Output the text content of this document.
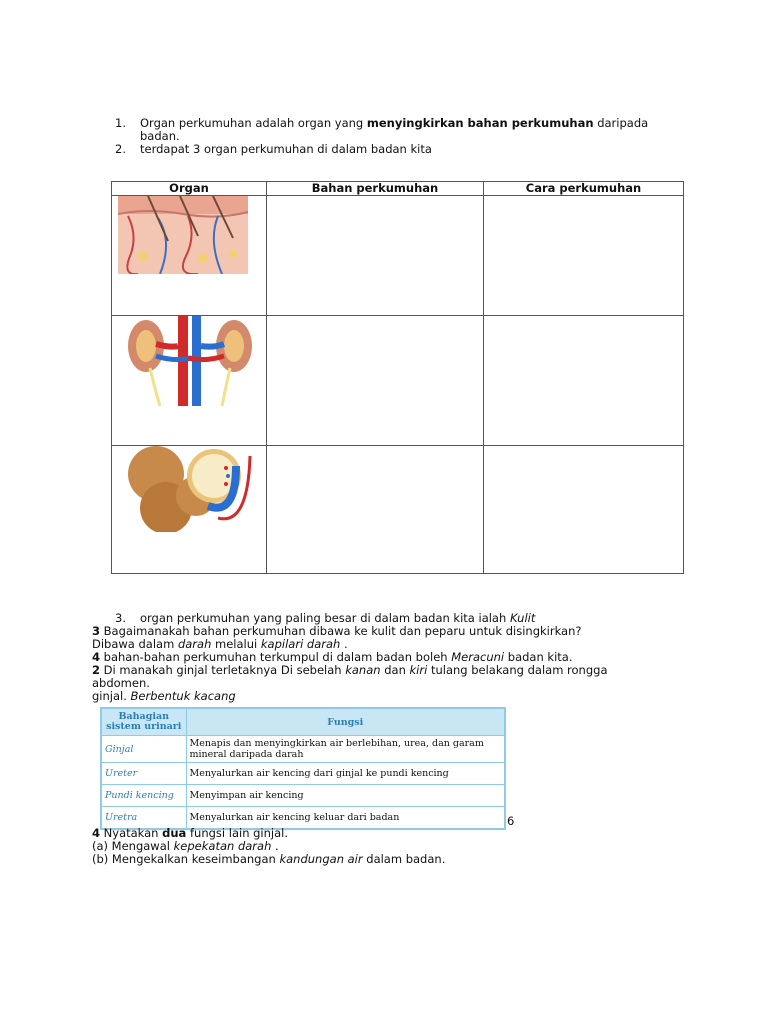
1. Organ perkumuhan adalah organ yang menyingkirkan bahan perkumuhan daripada
badan.
2. terdapat 3 organ perkumuhan di dalam badan kita
Organ	Bahan perkumuhan	Cara perkumuhan

3. organ perkumuhan yang paling besar di dalam badan kita ialah Kulit
3 Bagaimanakah bahan perkumuhan dibawa ke kulit dan peparu untuk disingkirkan?
Dibawa dalam darah melalui kapilari darah .
4 bahan-bahan perkumuhan terkumpul di dalam badan boleh Meracuni badan kita.
2 Di manakah ginjal terletaknya Di sebelah kanan dan kiri tulang belakang dalam rongga
abdomen.
ginjal. Berbentuk kacang
Bahagian sistem urinari	Fungsi
Ginjal	Menapis dan menyingkirkan air berlebihan, urea, dan garam mineral daripada darah
Ureter	Menyalurkan air kencing dari ginjal ke pundi kencing
Pundi kencing	Menyimpan air kencing
Uretra	Menyalurkan air kencing keluar dari badan	6
4 Nyatakan dua fungsi lain ginjal.
(a) Mengawal kepekatan darah .
(b) Mengekalkan keseimbangan kandungan air dalam badan.
